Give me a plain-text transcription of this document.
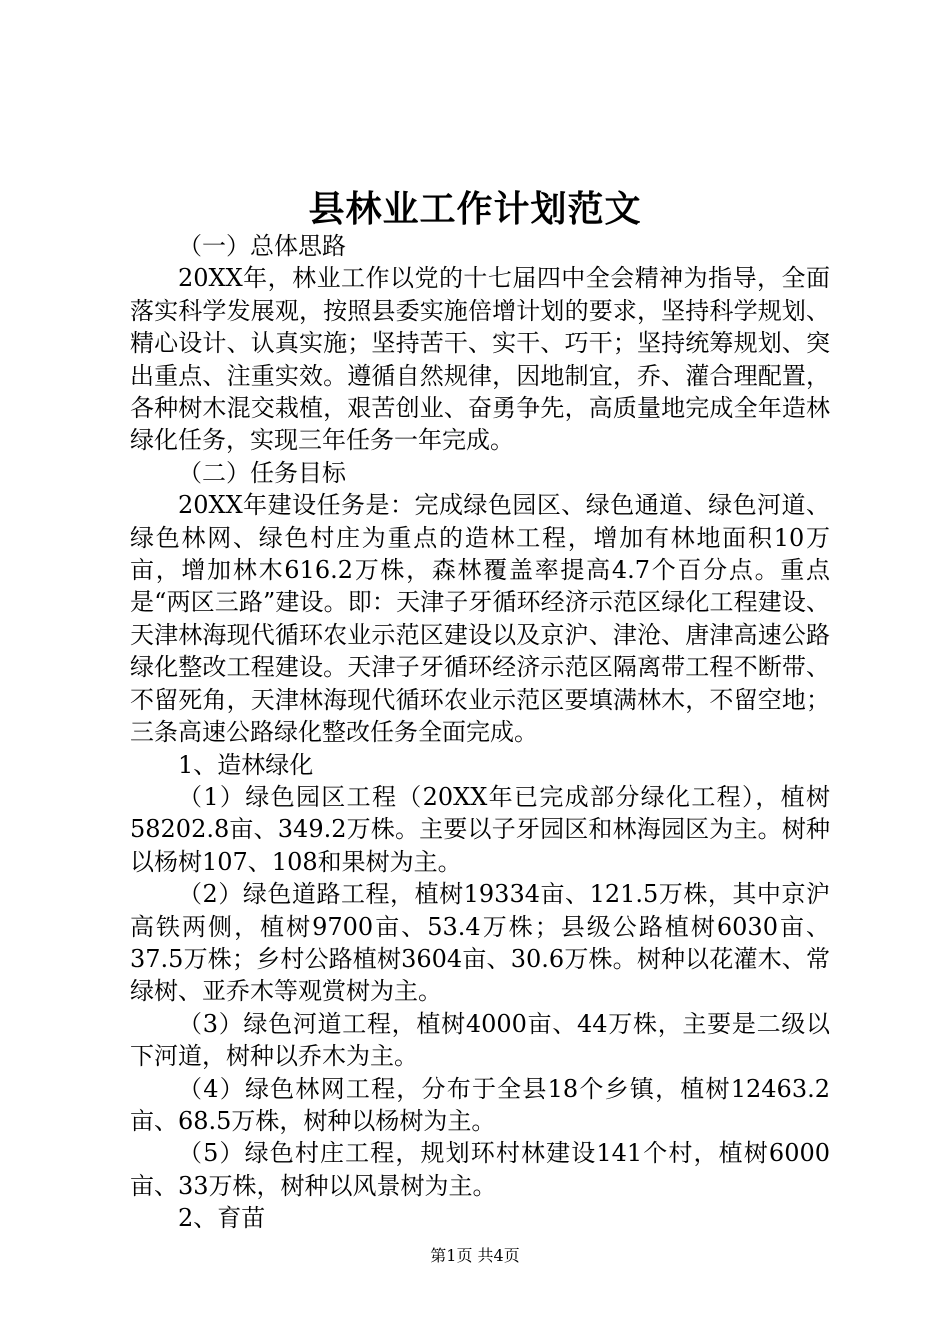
县林业工作计划范文

（一）总体思路

20XX年，林业工作以党的十七届四中全会精神为指导，全面落实科学发展观，按照县委实施倍增计划的要求，坚持科学规划、精心设计、认真实施；坚持苦干、实干、巧干；坚持统筹规划、突出重点、注重实效。遵循自然规律，因地制宜，乔、灌合理配置，各种树木混交栽植，艰苦创业、奋勇争先，高质量地完成全年造林绿化任务，实现三年任务一年完成。

（二）任务目标

20XX年建设任务是：完成绿色园区、绿色通道、绿色河道、绿色林网、绿色村庄为重点的造林工程，增加有林地面积10万亩，增加林木616.2万株，森林覆盖率提高4.7个百分点。重点是“两区三路”建设。即：天津子牙循环经济示范区绿化工程建设、天津林海现代循环农业示范区建设以及京沪、津沧、唐津高速公路绿化整改工程建设。天津子牙循环经济示范区隔离带工程不断带、不留死角，天津林海现代循环农业示范区要填满林木，不留空地；三条高速公路绿化整改任务全面完成。

1、造林绿化

（1）绿色园区工程（20XX年已完成部分绿化工程），植树58202.8亩、349.2万株。主要以子牙园区和林海园区为主。树种以杨树107、108和果树为主。

（2）绿色道路工程，植树19334亩、121.5万株，其中京沪高铁两侧，植树9700亩、53.4万株；县级公路植树6030亩、37.5万株；乡村公路植树3604亩、30.6万株。树种以花灌木、常绿树、亚乔木等观赏树为主。

（3）绿色河道工程，植树4000亩、44万株，主要是二级以下河道，树种以乔木为主。

（4）绿色林网工程，分布于全县18个乡镇，植树12463.2亩、68.5万株，树种以杨树为主。

（5）绿色村庄工程，规划环村林建设141个村，植树6000亩、33万株，树种以风景树为主。

2、育苗

第1页 共4页
